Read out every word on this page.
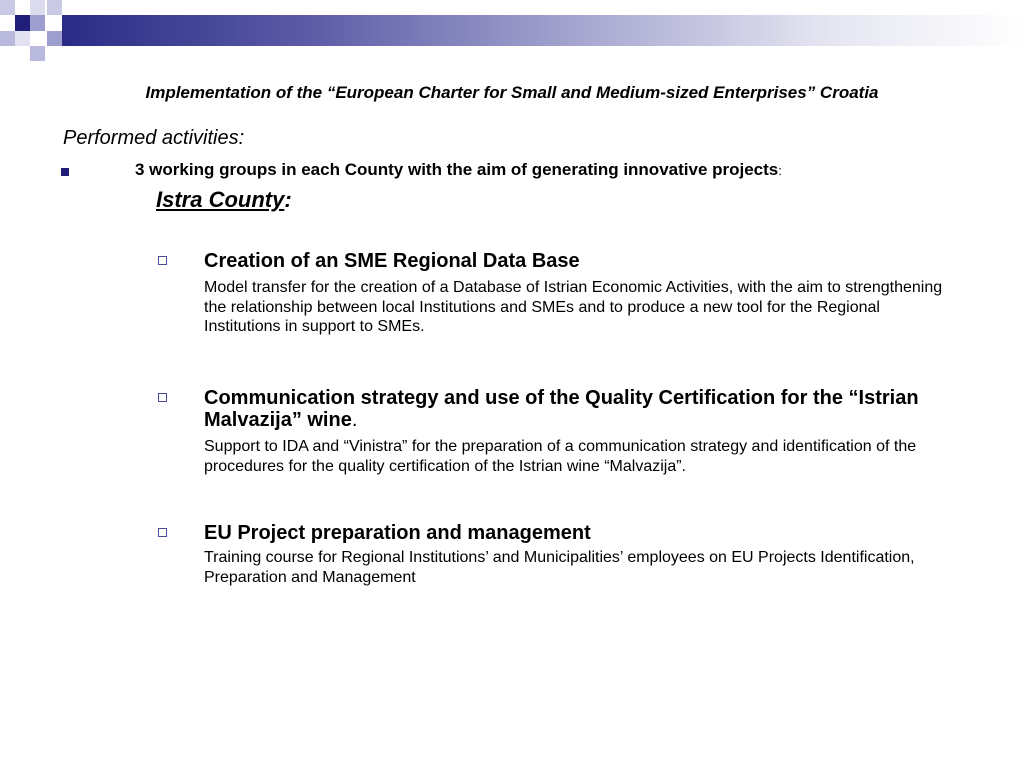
Implementation of the “European Charter for Small and Medium-sized Enterprises” Croatia
Performed activities:
3 working groups in each County with the aim of generating innovative projects:
Istra County:
Creation of an SME Regional Data Base
Model transfer for the creation of a Database of Istrian Economic Activities, with the aim to strengthening the relationship between local Institutions and SMEs and to produce a new tool for the Regional Institutions in support to SMEs.
Communication strategy and use of the Quality Certification for the “Istrian Malvazija” wine.
Support to IDA and “Vinistra” for the preparation of a communication strategy and identification of the procedures for the quality certification of the Istrian wine “Malvazija”.
EU Project preparation and management
Training course for Regional Institutions’ and Municipalities’ employees on EU Projects Identification, Preparation and Management
